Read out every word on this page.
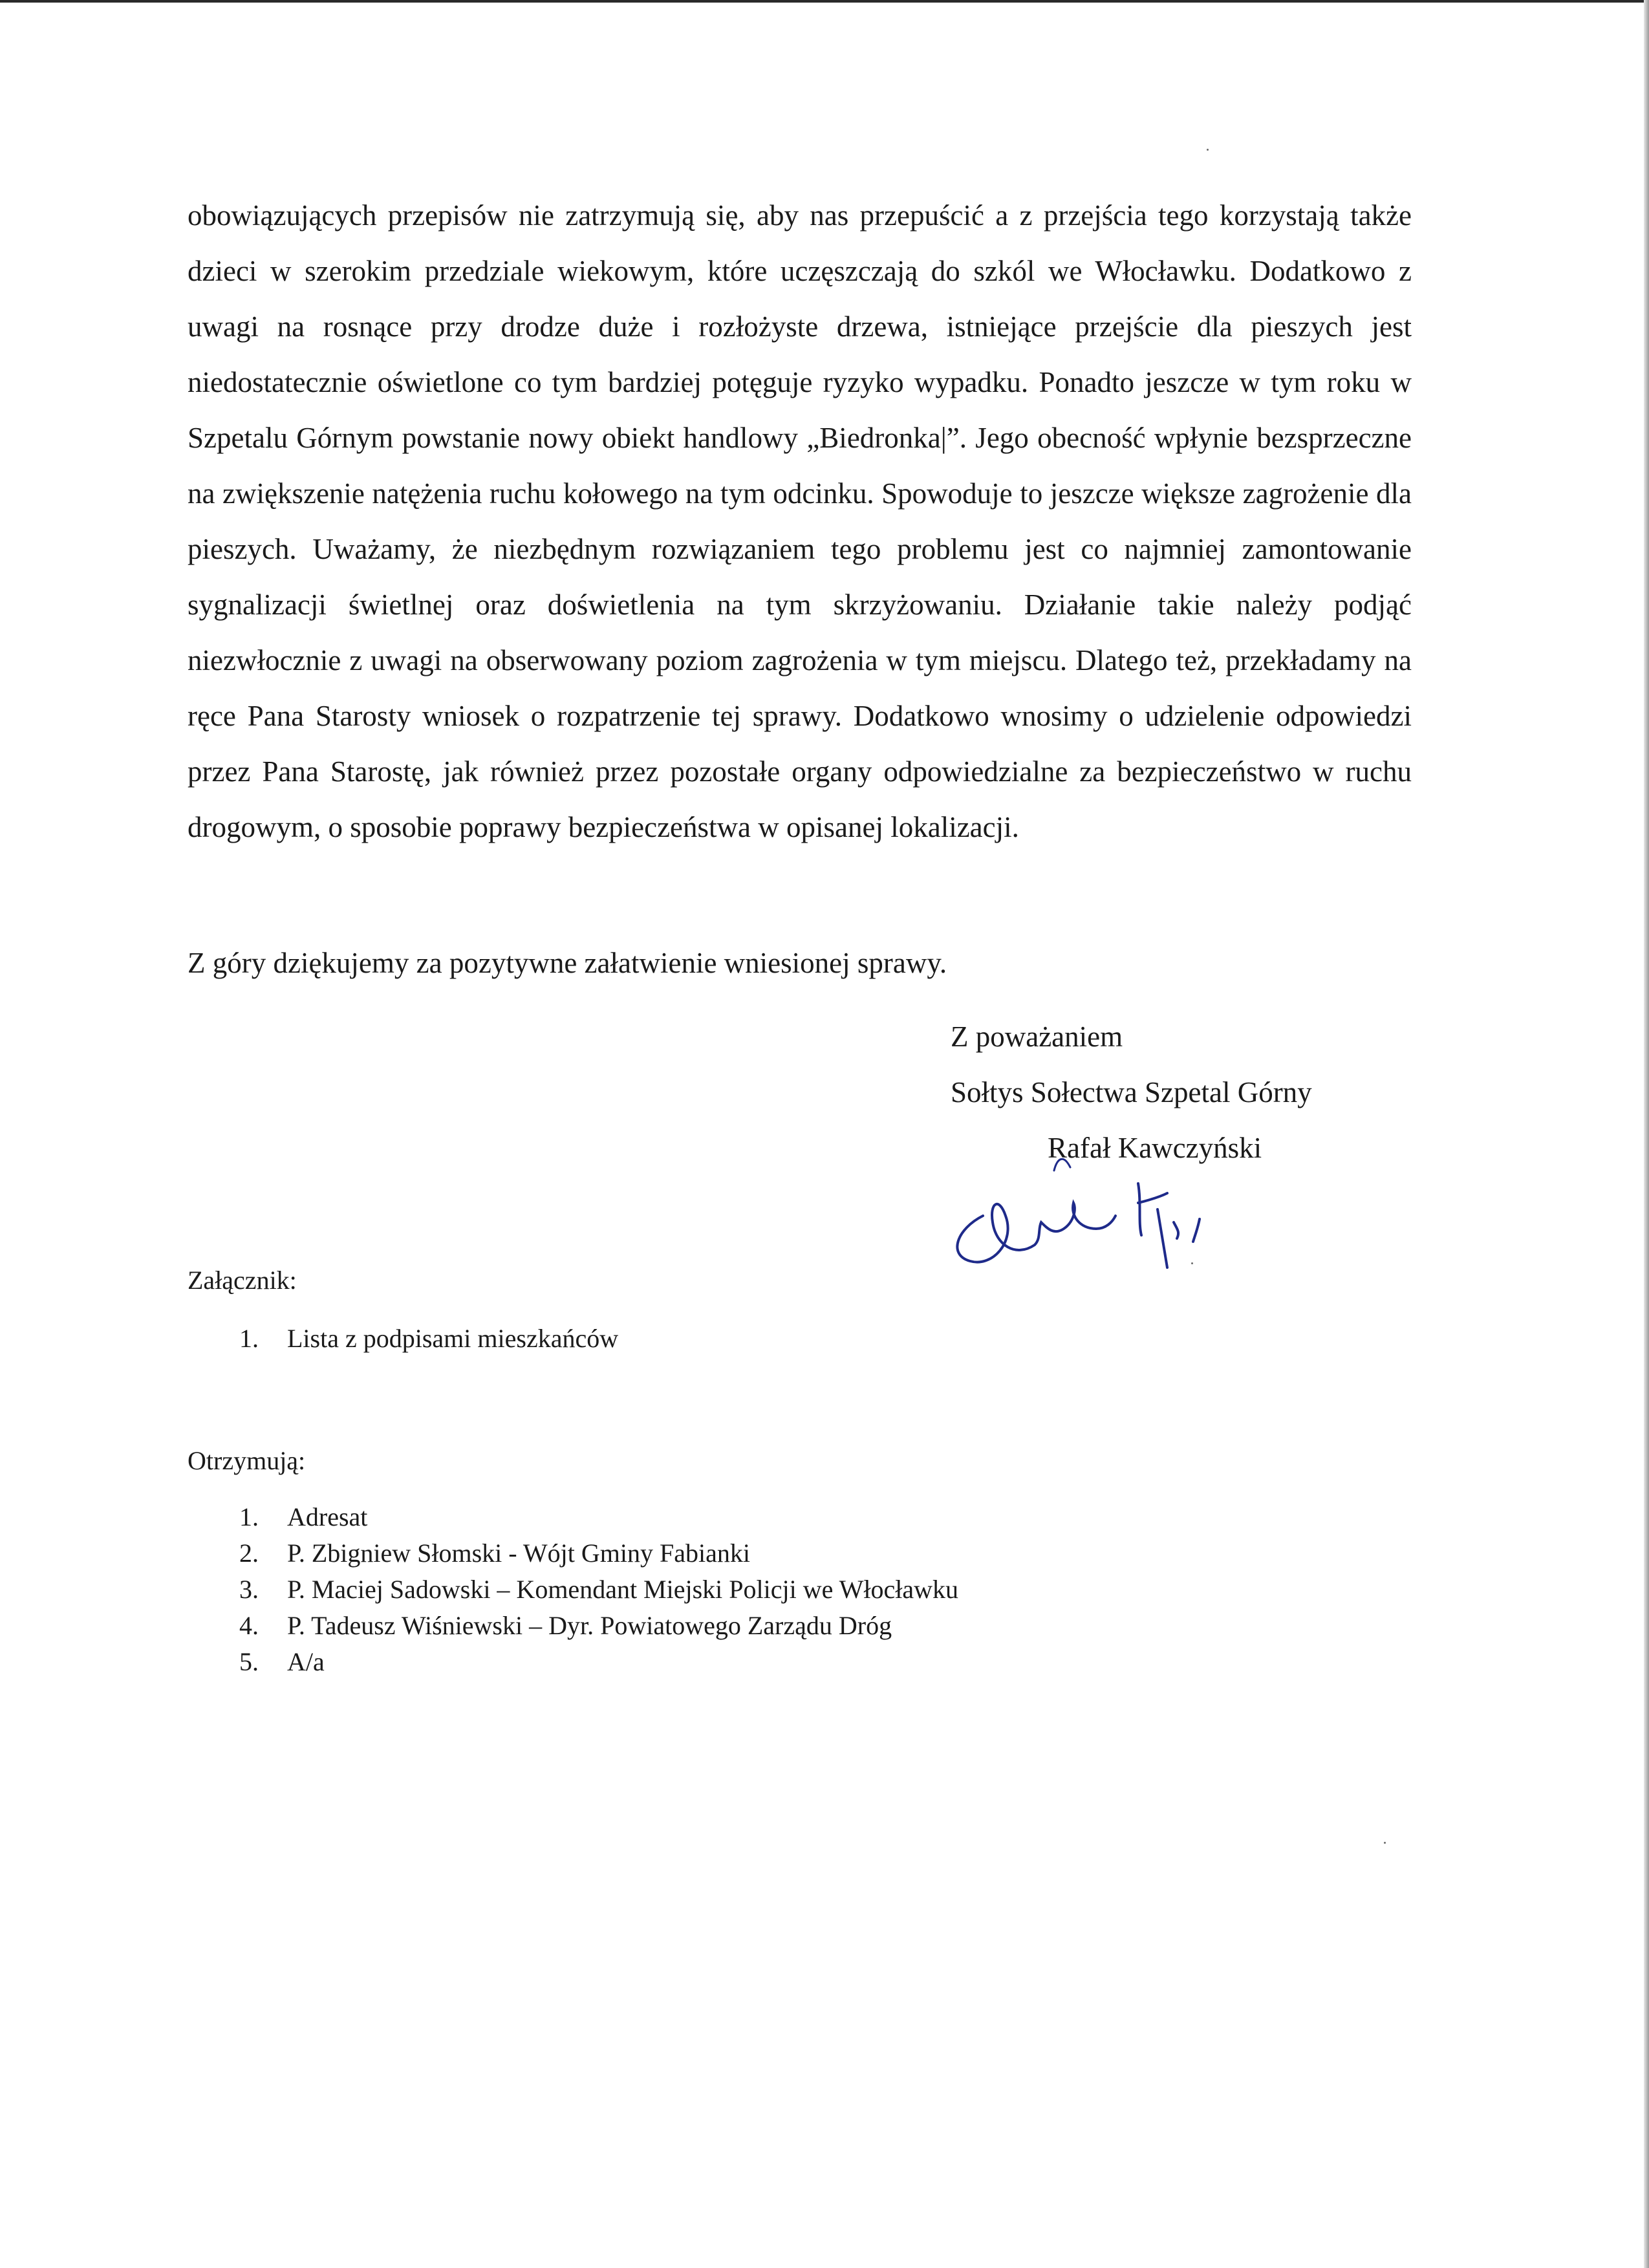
obowiązujących przepisów nie zatrzymują się, aby nas przepuścić a z przejścia tego korzystają także dzieci w szerokim przedziale wiekowym, które uczęszczają do szkól we Włocławku. Dodatkowo z uwagi na rosnące przy drodze duże i rozłożyste drzewa, istniejące przejście dla pieszych jest niedostatecznie oświetlone co tym bardziej potęguje ryzyko wypadku. Ponadto jeszcze w tym roku w Szpetalu Górnym powstanie nowy obiekt handlowy „Biedronka|”. Jego obecność wpłynie bezsprzeczne na zwiększenie natężenia ruchu kołowego na tym odcinku. Spowoduje to jeszcze większe zagrożenie dla pieszych. Uważamy, że niezbędnym rozwiązaniem tego problemu jest co najmniej zamontowanie sygnalizacji świetlnej oraz doświetlenia na tym skrzyżowaniu. Działanie takie należy podjąć niezwłocznie z uwagi na obserwowany poziom zagrożenia w tym miejscu. Dlatego też, przekładamy na ręce Pana Starosty wniosek o rozpatrzenie tej sprawy. Dodatkowo wnosimy o udzielenie odpowiedzi przez Pana Starostę, jak również przez pozostałe organy odpowiedzialne za bezpieczeństwo w ruchu drogowym, o sposobie poprawy bezpieczeństwa w opisanej lokalizacji.

Z góry dziękujemy za pozytywne załatwienie wniesionej sprawy.
Z poważaniem
Sołtys Sołectwa Szpetal Górny
Rafał Kawczyński
Załącznik:
1.	Lista z podpisami mieszkańców
Otrzymują:
1.	Adresat
2.	P. Zbigniew Słomski - Wójt Gminy Fabianki
3.	P. Maciej Sadowski – Komendant Miejski Policji we Włocławku
4.	P. Tadeusz Wiśniewski – Dyr. Powiatowego Zarządu Dróg
5.	A/a
